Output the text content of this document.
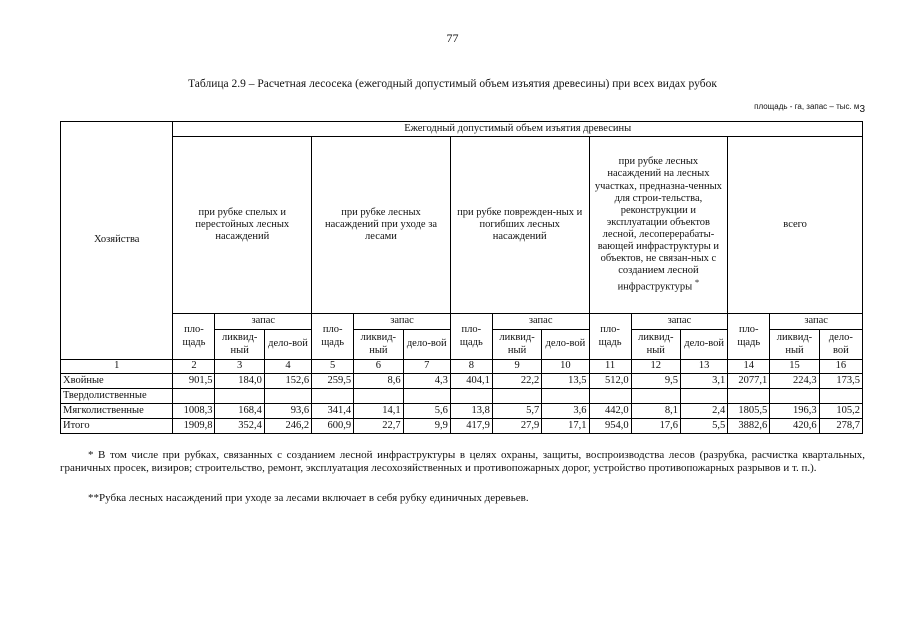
77
Таблица 2.9 – Расчетная лесосека (ежегодный допустимый объем изъятия древесины) при всех видах рубок
площадь - га, запас – тыс. м3
Хозяйства	Ежегодный допустимый объем изъятия древесины														
	при рубке спелых и перестойных лесных насаждений			при рубке лесных насаждений при уходе за лесами			при рубке поврежден-ных и погибших лесных насаждений			при рубке лесных насаждений на лесных участках, предназна-ченных для строи-тельства, реконструкции и эксплуатации объектов лесной, лесоперерабаты-вающей инфраструктуры и объектов, не связан-ных с созданием лесной инфраструктуры *			всего		
	пло-щадь	запас		пло-щадь	запас		пло-щадь	запас		пло-щадь	запас		пло-щадь	запас	
		ликвид-ный	дело-вой		ликвид-ный	дело-вой		ликвид-ный	дело-вой		ликвид-ный	дело-вой		ликвид-ный	дело-вой
1	2	3	4	5	6	7	8	9	10	11	12	13	14	15	16
Хвойные	901,5	184,0	152,6	259,5	8,6	4,3	404,1	22,2	13,5	512,0	9,5	3,1	2077,1	224,3	173,5
Твердолиственные															
Мягколиственные	1008,3	168,4	93,6	341,4	14,1	5,6	13,8	5,7	3,6	442,0	8,1	2,4	1805,5	196,3	105,2
Итого	1909,8	352,4	246,2	600,9	22,7	9,9	417,9	27,9	17,1	954,0	17,6	5,5	3882,6	420,6	278,7
* В том числе при рубках, связанных с созданием лесной инфраструктуры в целях охраны, защиты, воспроизводства лесов (разрубка, расчистка квартальных, граничных просек, визиров; строительство, ремонт, эксплуатация лесохозяйственных и противопожарных дорог, устройство противопожарных разрывов и т. п.).
**Рубка лесных насаждений при уходе за лесами включает в себя рубку единичных деревьев.
